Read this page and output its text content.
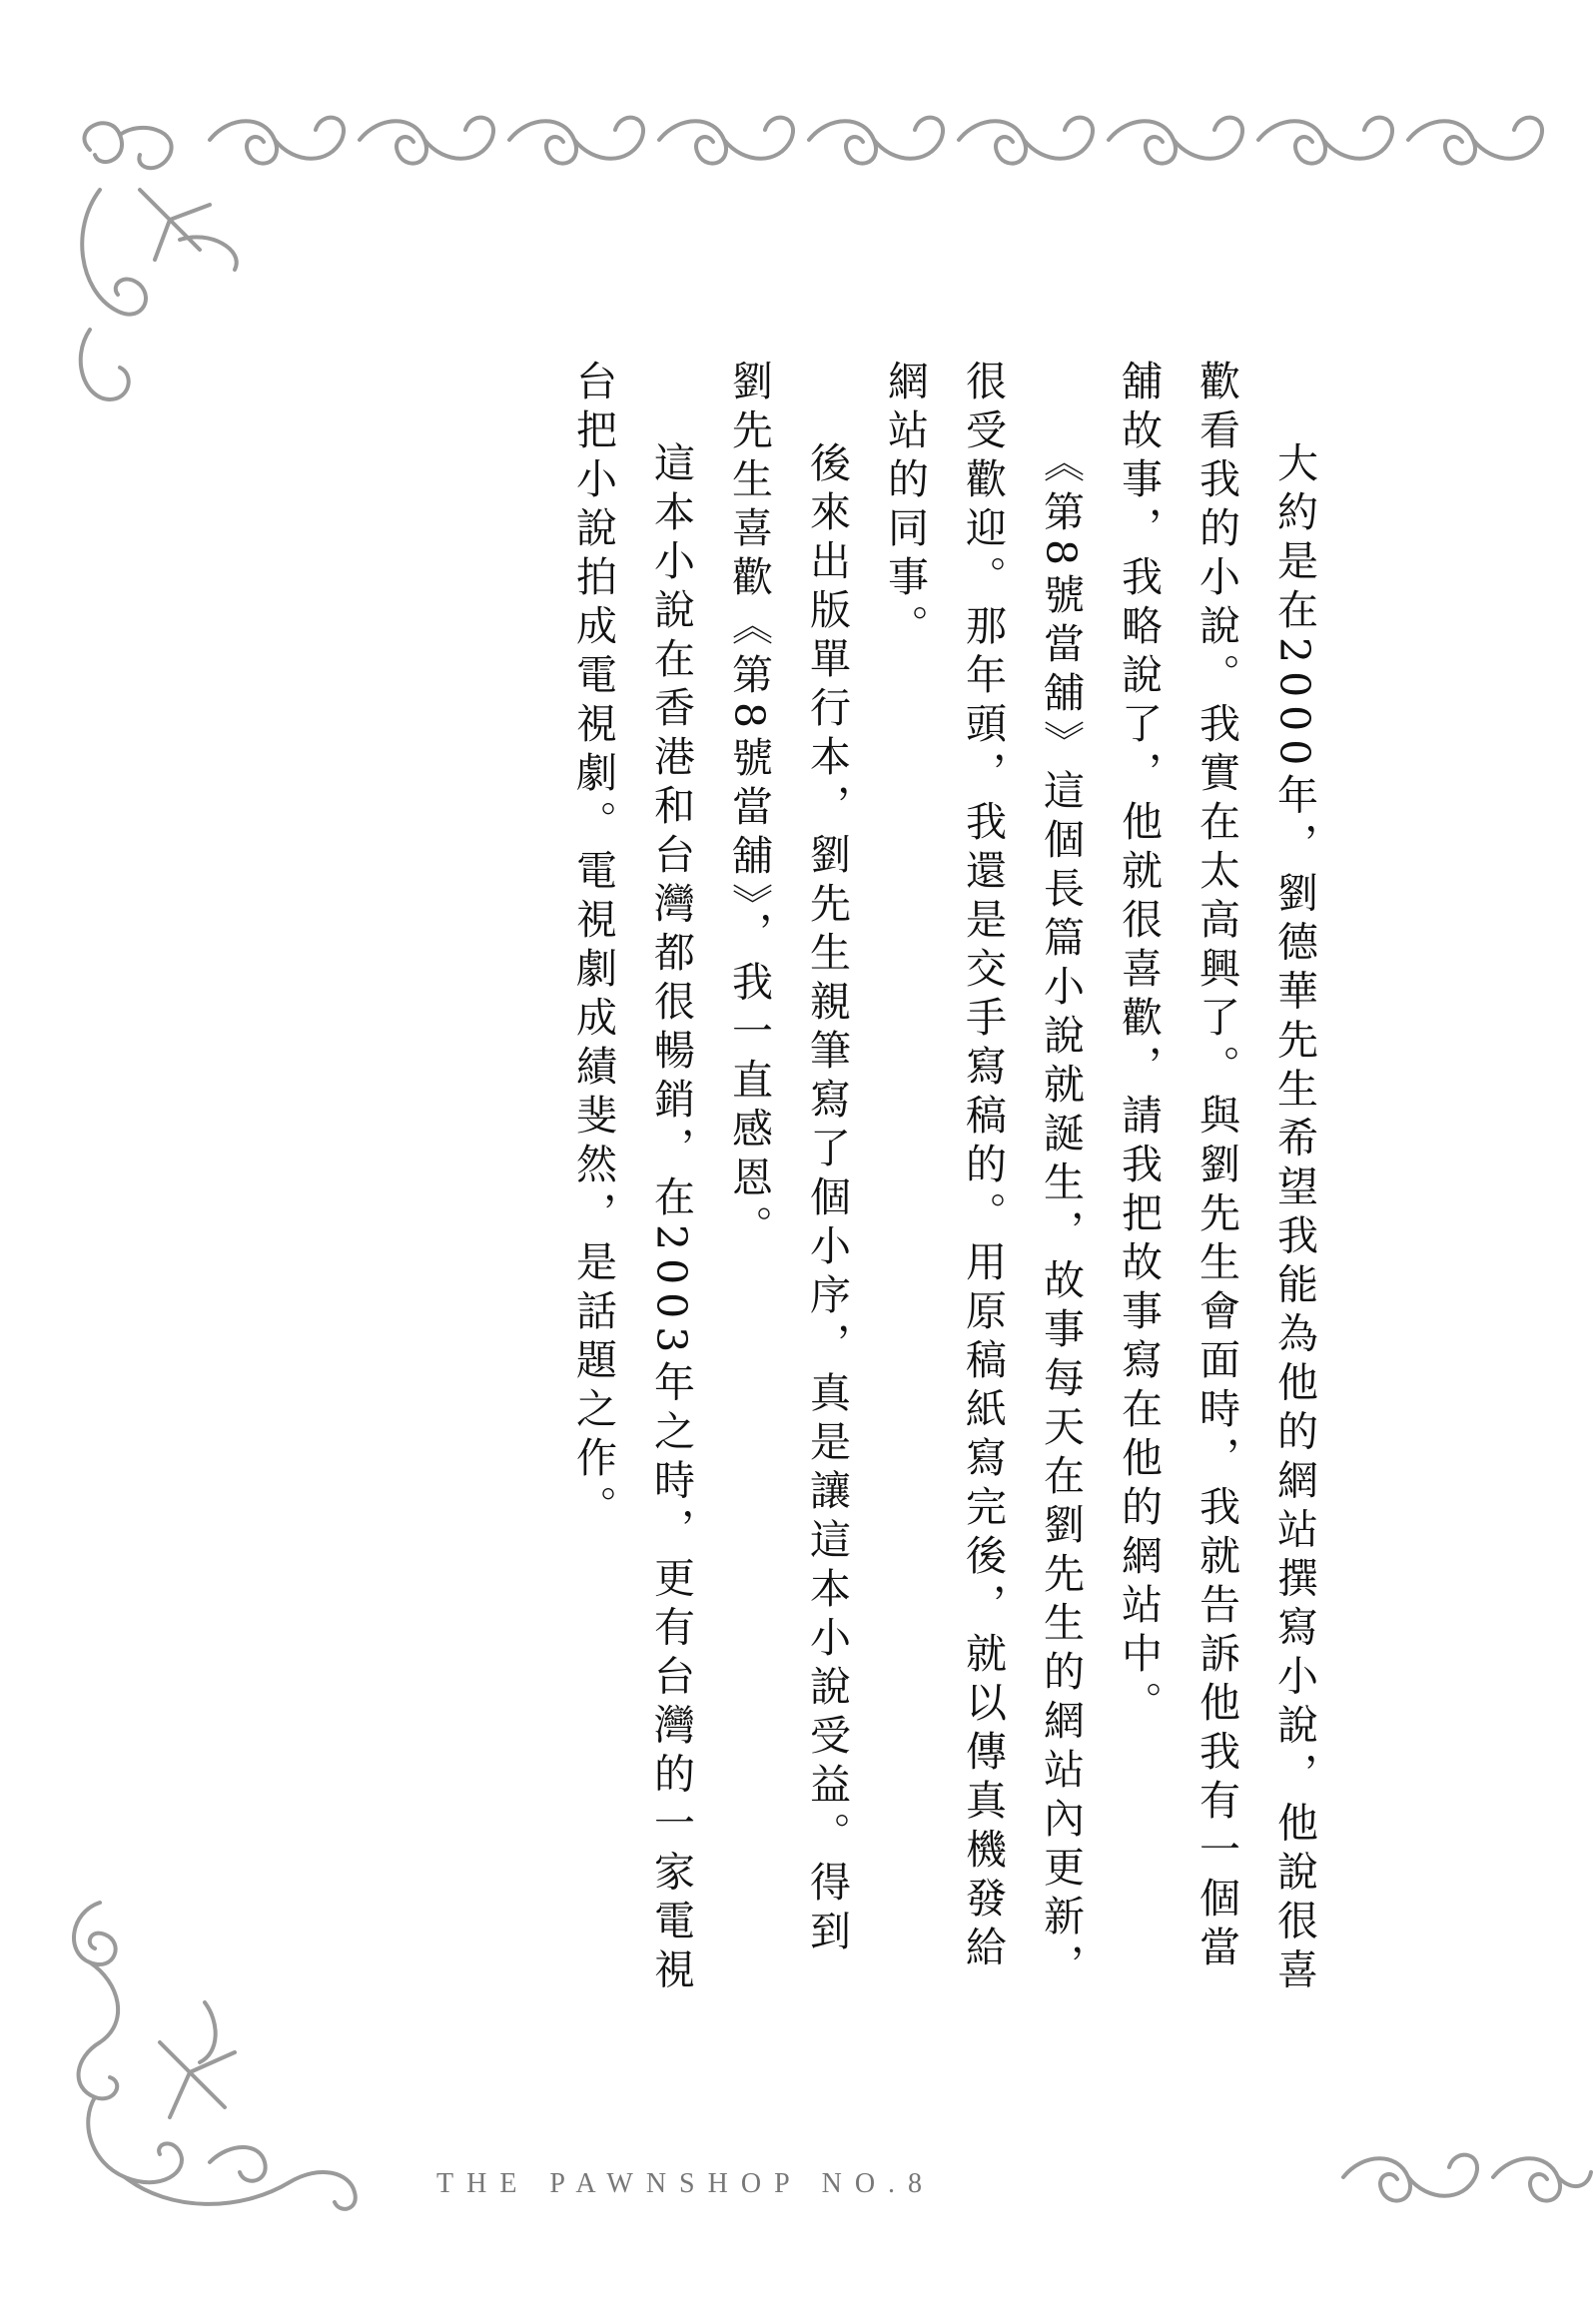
大約是在2000年，劉德華先生希望我能為他的網站撰寫小說，他說很喜歡看我的小說。我實在太高興了。與劉先生會面時，我就告訴他我有一個當舖故事，我略說了，他就很喜歡，請我把故事寫在他的網站中。

《第8號當舖》這個長篇小說就誕生，故事每天在劉先生的網站內更新，很受歡迎。那年頭，我還是交手寫稿的。用原稿紙寫完後，就以傳真機發給網站的同事。

後來出版單行本，劉先生親筆寫了個小序，真是讓這本小說受益。得到劉先生喜歡《第8號當舖》，我一直感恩。

這本小說在香港和台灣都很暢銷，在2003年之時，更有台灣的一家電視台把小說拍成電視劇。電視劇成績斐然，是話題之作。

THE PAWNSHOP NO.8
